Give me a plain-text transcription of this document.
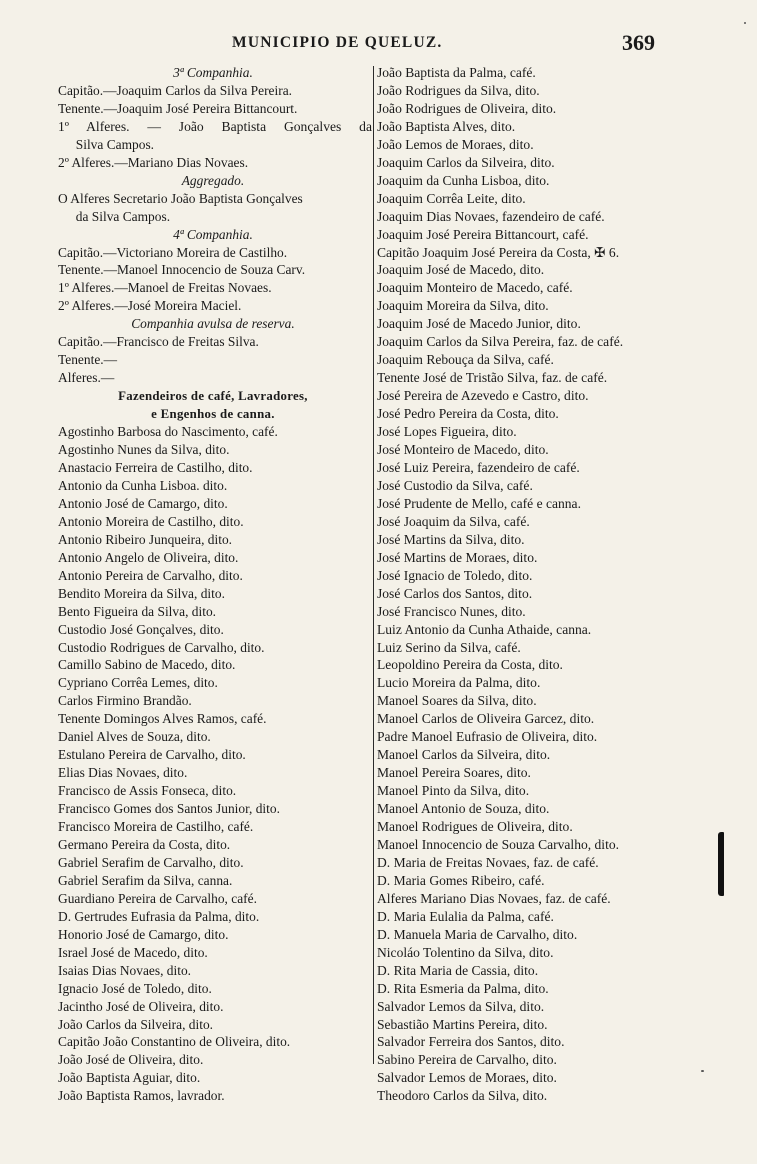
MUNICIPIO DE QUELUZ.	369
3ª Companhia.
Capitão.—Joaquim Carlos da Silva Pereira.
Tenente.—Joaquim José Pereira Bittancourt.
1º Alferes. — João Baptista Gonçalves da
Silva Campos.
2º Alferes.—Mariano Dias Novaes.
Aggregado.
O Alferes Secretario João Baptista Gonçalves
da Silva Campos.
4ª Companhia.
Capitão.—Victoriano Moreira de Castilho.
Tenente.—Manoel Innocencio de Souza Carv.
1º Alferes.—Manoel de Freitas Novaes.
2º Alferes.—José Moreira Maciel.
Companhia avulsa de reserva.
Capitão.—Francisco de Freitas Silva.
Tenente.—
Alferes.—
Fazendeiros de café, Lavradores,
e Engenhos de canna.
Agostinho Barbosa do Nascimento, café.
Agostinho Nunes da Silva, dito.
Anastacio Ferreira de Castilho, dito.
Antonio da Cunha Lisboa. dito.
Antonio José de Camargo, dito.
Antonio Moreira de Castilho, dito.
Antonio Ribeiro Junqueira, dito.
Antonio Angelo de Oliveira, dito.
Antonio Pereira de Carvalho, dito.
Bendito Moreira da Silva, dito.
Bento Figueira da Silva, dito.
Custodio José Gonçalves, dito.
Custodio Rodrigues de Carvalho, dito.
Camillo Sabino de Macedo, dito.
Cypriano Corrêa Lemes, dito.
Carlos Firmino Brandão.
Tenente Domingos Alves Ramos, café.
Daniel Alves de Souza, dito.
Estulano Pereira de Carvalho, dito.
Elias Dias Novaes, dito.
Francisco de Assis Fonseca, dito.
Francisco Gomes dos Santos Junior, dito.
Francisco Moreira de Castilho, café.
Germano Pereira da Costa, dito.
Gabriel Serafim de Carvalho, dito.
Gabriel Serafim da Silva, canna.
Guardiano Pereira de Carvalho, café.
D. Gertrudes Eufrasia da Palma, dito.
Honorio José de Camargo, dito.
Israel José de Macedo, dito.
Isaias Dias Novaes, dito.
Ignacio José de Toledo, dito.
Jacintho José de Oliveira, dito.
João Carlos da Silveira, dito.
Capitão João Constantino de Oliveira, dito.
João José de Oliveira, dito.
João Baptista Aguiar, dito.
João Baptista Ramos, lavrador.
João Baptista da Palma, café.
João Rodrigues da Silva, dito.
João Rodrigues de Oliveira, dito.
João Baptista Alves, dito.
João Lemos de Moraes, dito.
Joaquim Carlos da Silveira, dito.
Joaquim da Cunha Lisboa, dito.
Joaquim Corrêa Leite, dito.
Joaquim Dias Novaes, fazendeiro de café.
Joaquim José Pereira Bittancourt, café.
Capitão Joaquim José Pereira da Costa, ✠ 6.
Joaquim José de Macedo, dito.
Joaquim Monteiro de Macedo, café.
Joaquim Moreira da Silva, dito.
Joaquim José de Macedo Junior, dito.
Joaquim Carlos da Silva Pereira, faz. de café.
Joaquim Rebouça da Silva, café.
Tenente José de Tristão Silva, faz. de café.
José Pereira de Azevedo e Castro, dito.
José Pedro Pereira da Costa, dito.
José Lopes Figueira, dito.
José Monteiro de Macedo, dito.
José Luiz Pereira, fazendeiro de café.
José Custodio da Silva, café.
José Prudente de Mello, café e canna.
José Joaquim da Silva, café.
José Martins da Silva, dito.
José Martins de Moraes, dito.
José Ignacio de Toledo, dito.
José Carlos dos Santos, dito.
José Francisco Nunes, dito.
Luiz Antonio da Cunha Athaide, canna.
Luiz Serino da Silva, café.
Leopoldino Pereira da Costa, dito.
Lucio Moreira da Palma, dito.
Manoel Soares da Silva, dito.
Manoel Carlos de Oliveira Garcez, dito.
Padre Manoel Eufrasio de Oliveira, dito.
Manoel Carlos da Silveira, dito.
Manoel Pereira Soares, dito.
Manoel Pinto da Silva, dito.
Manoel Antonio de Souza, dito.
Manoel Rodrigues de Oliveira, dito.
Manoel Innocencio de Souza Carvalho, dito.
D. Maria de Freitas Novaes, faz. de café.
D. Maria Gomes Ribeiro, café.
Alferes Mariano Dias Novaes, faz. de café.
D. Maria Eulalia da Palma, café.
D. Manuela Maria de Carvalho, dito.
Nicoláo Tolentino da Silva, dito.
D. Rita Maria de Cassia, dito.
D. Rita Esmeria da Palma, dito.
Salvador Lemos da Silva, dito.
Sebastião Martins Pereira, dito.
Salvador Ferreira dos Santos, dito.
Sabino Pereira de Carvalho, dito.
Salvador Lemos de Moraes, dito.
Theodoro Carlos da Silva, dito.
